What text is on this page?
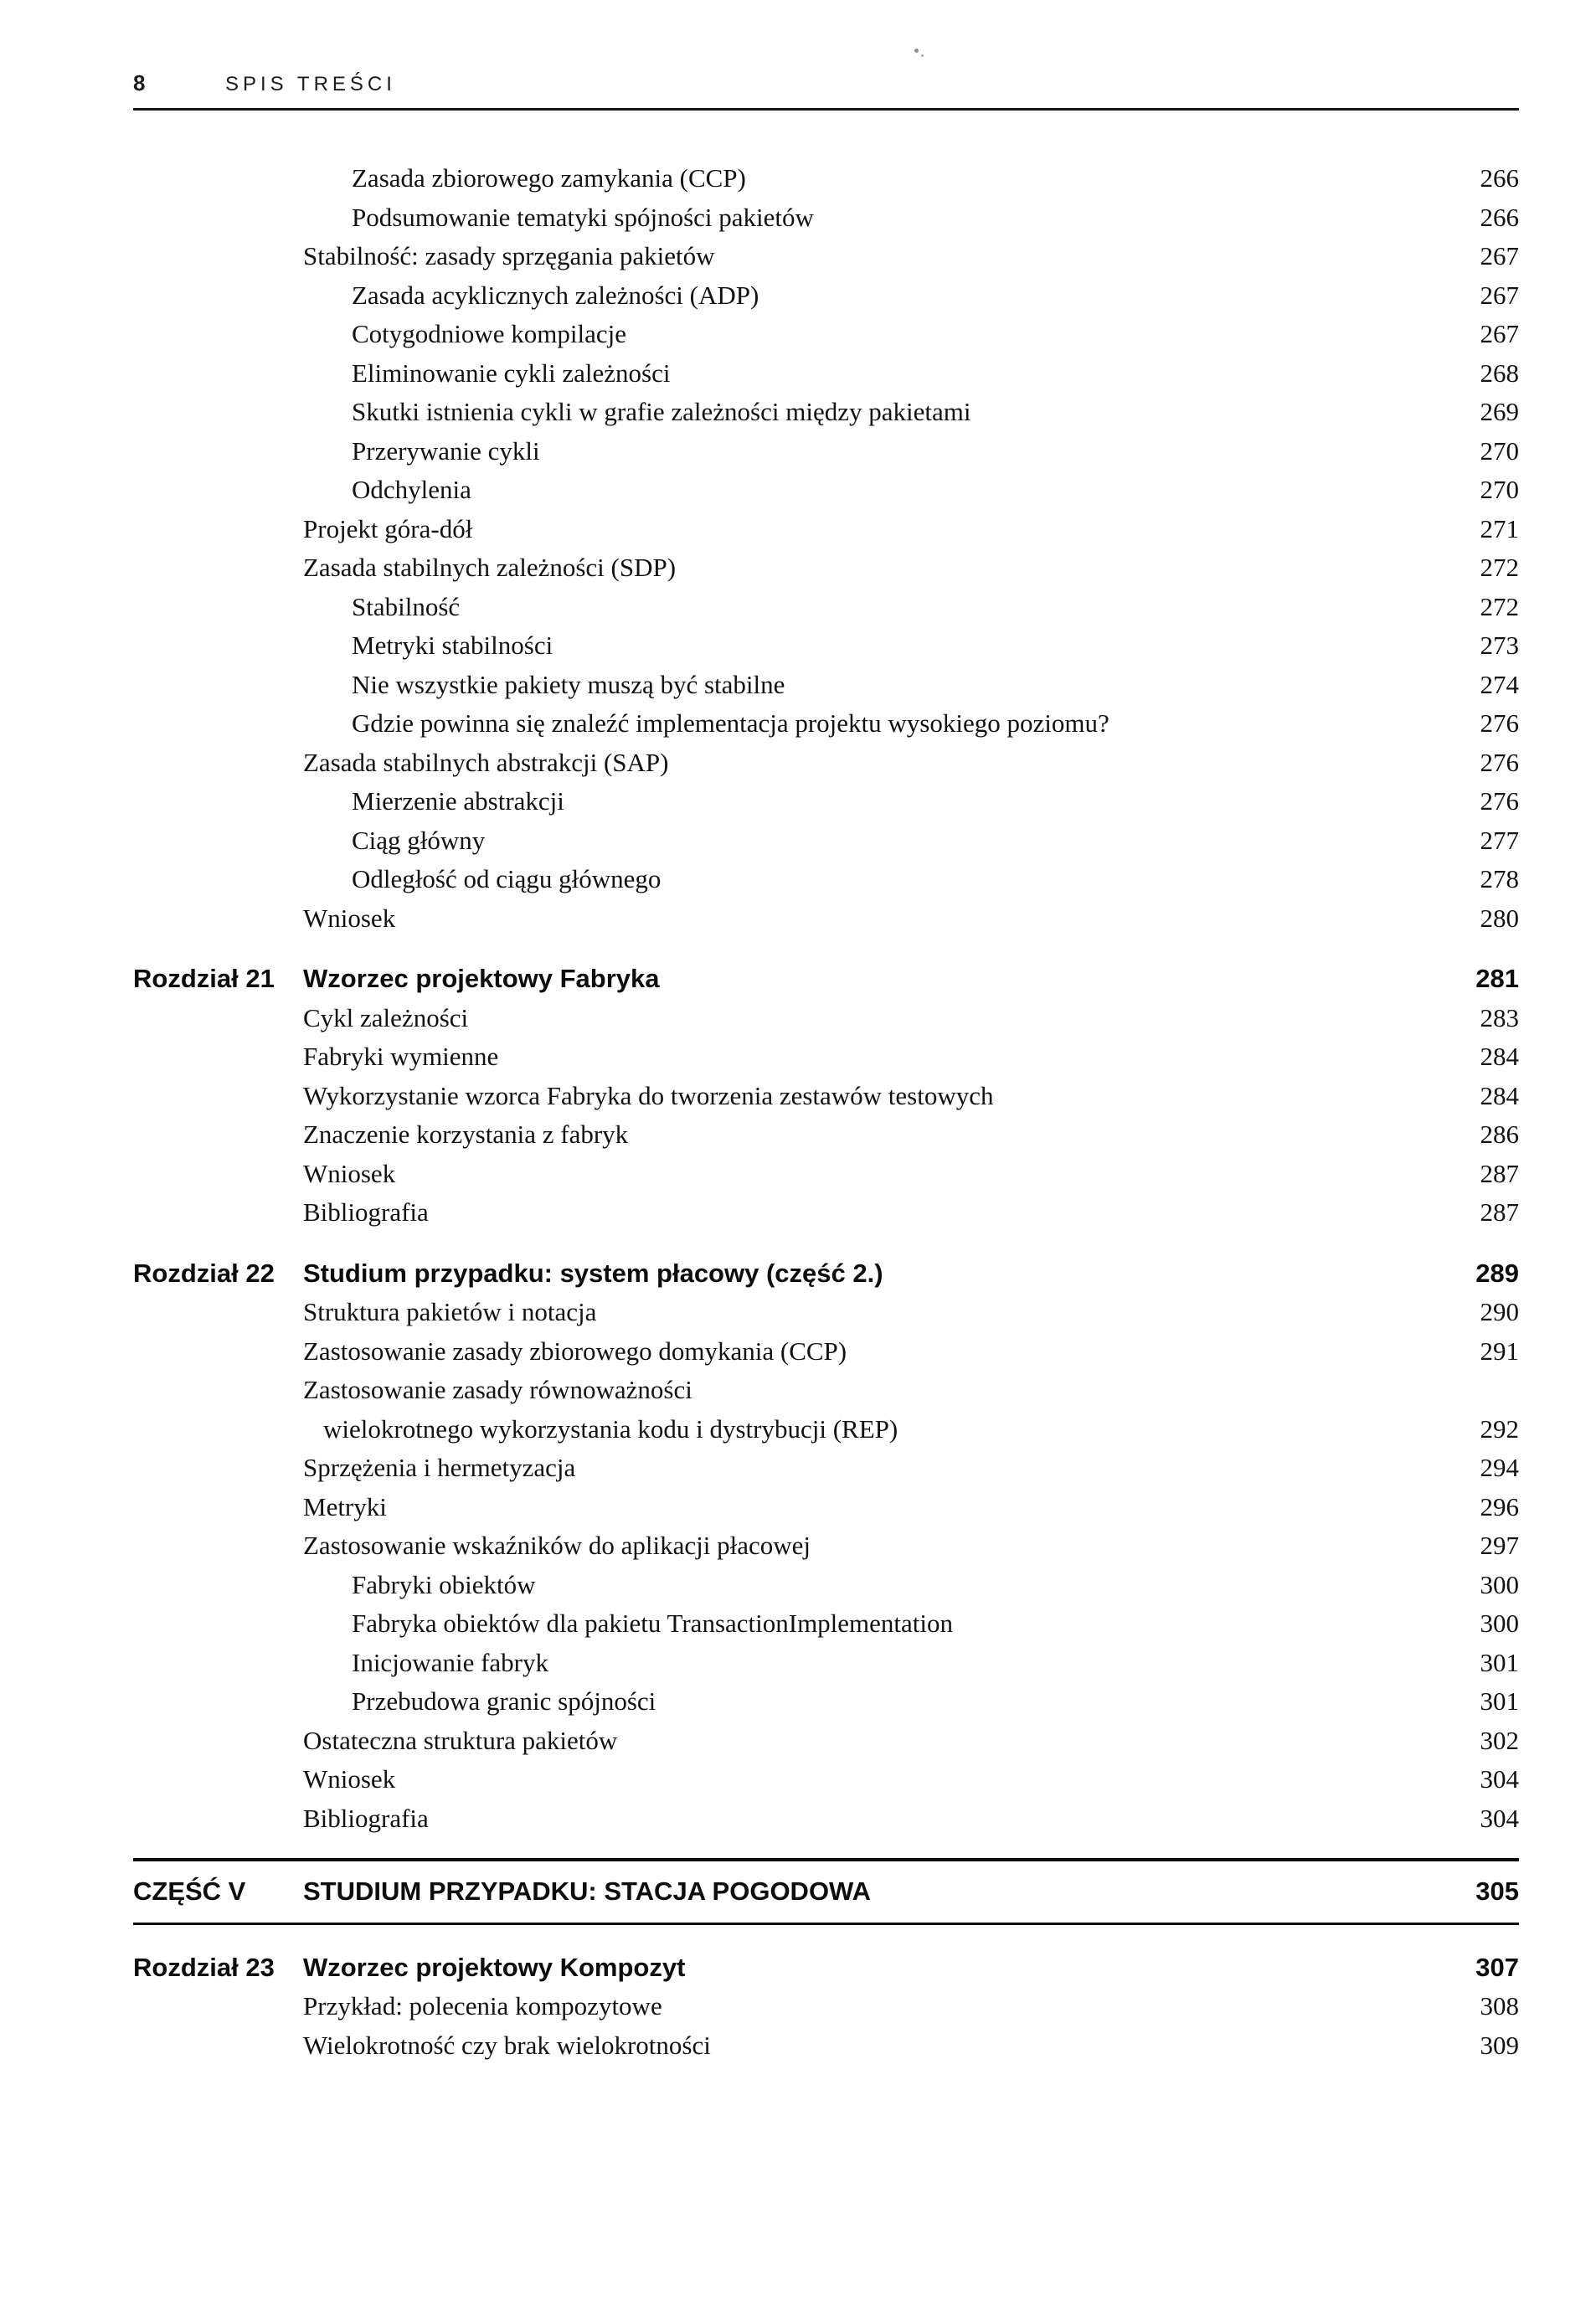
8	SPIS TREŚCI
Zasada zbiorowego zamykania (CCP)	266
Podsumowanie tematyki spójności pakietów	266
Stabilność: zasady sprzęgania pakietów	267
Zasada acyklicznych zależności (ADP)	267
Cotygodniowe kompilacje	267
Eliminowanie cykli zależności	268
Skutki istnienia cykli w grafie zależności między pakietami	269
Przerywanie cykli	270
Odchylenia	270
Projekt góra-dół	271
Zasada stabilnych zależności (SDP)	272
Stabilność	272
Metryki stabilności	273
Nie wszystkie pakiety muszą być stabilne	274
Gdzie powinna się znaleźć implementacja projektu wysokiego poziomu?	276
Zasada stabilnych abstrakcji (SAP)	276
Mierzenie abstrakcji	276
Ciąg główny	277
Odległość od ciągu głównego	278
Wniosek	280
Rozdział 21	Wzorzec projektowy Fabryka	281
Cykl zależności	283
Fabryki wymienne	284
Wykorzystanie wzorca Fabryka do tworzenia zestawów testowych	284
Znaczenie korzystania z fabryk	286
Wniosek	287
Bibliografia	287
Rozdział 22	Studium przypadku: system płacowy (część 2.)	289
Struktura pakietów i notacja	290
Zastosowanie zasady zbiorowego domykania (CCP)	291
Zastosowanie zasady równoważności
wielokrotnego wykorzystania kodu i dystrybucji (REP)	292
Sprzężenia i hermetyzacja	294
Metryki	296
Zastosowanie wskaźników do aplikacji płacowej	297
Fabryki obiektów	300
Fabryka obiektów dla pakietu TransactionImplementation	300
Inicjowanie fabryk	301
Przebudowa granic spójności	301
Ostateczna struktura pakietów	302
Wniosek	304
Bibliografia	304
CZĘŚĆ V	STUDIUM PRZYPADKU: STACJA POGODOWA	305
Rozdział 23	Wzorzec projektowy Kompozyt	307
Przykład: polecenia kompozytowe	308
Wielokrotność czy brak wielokrotności	309
